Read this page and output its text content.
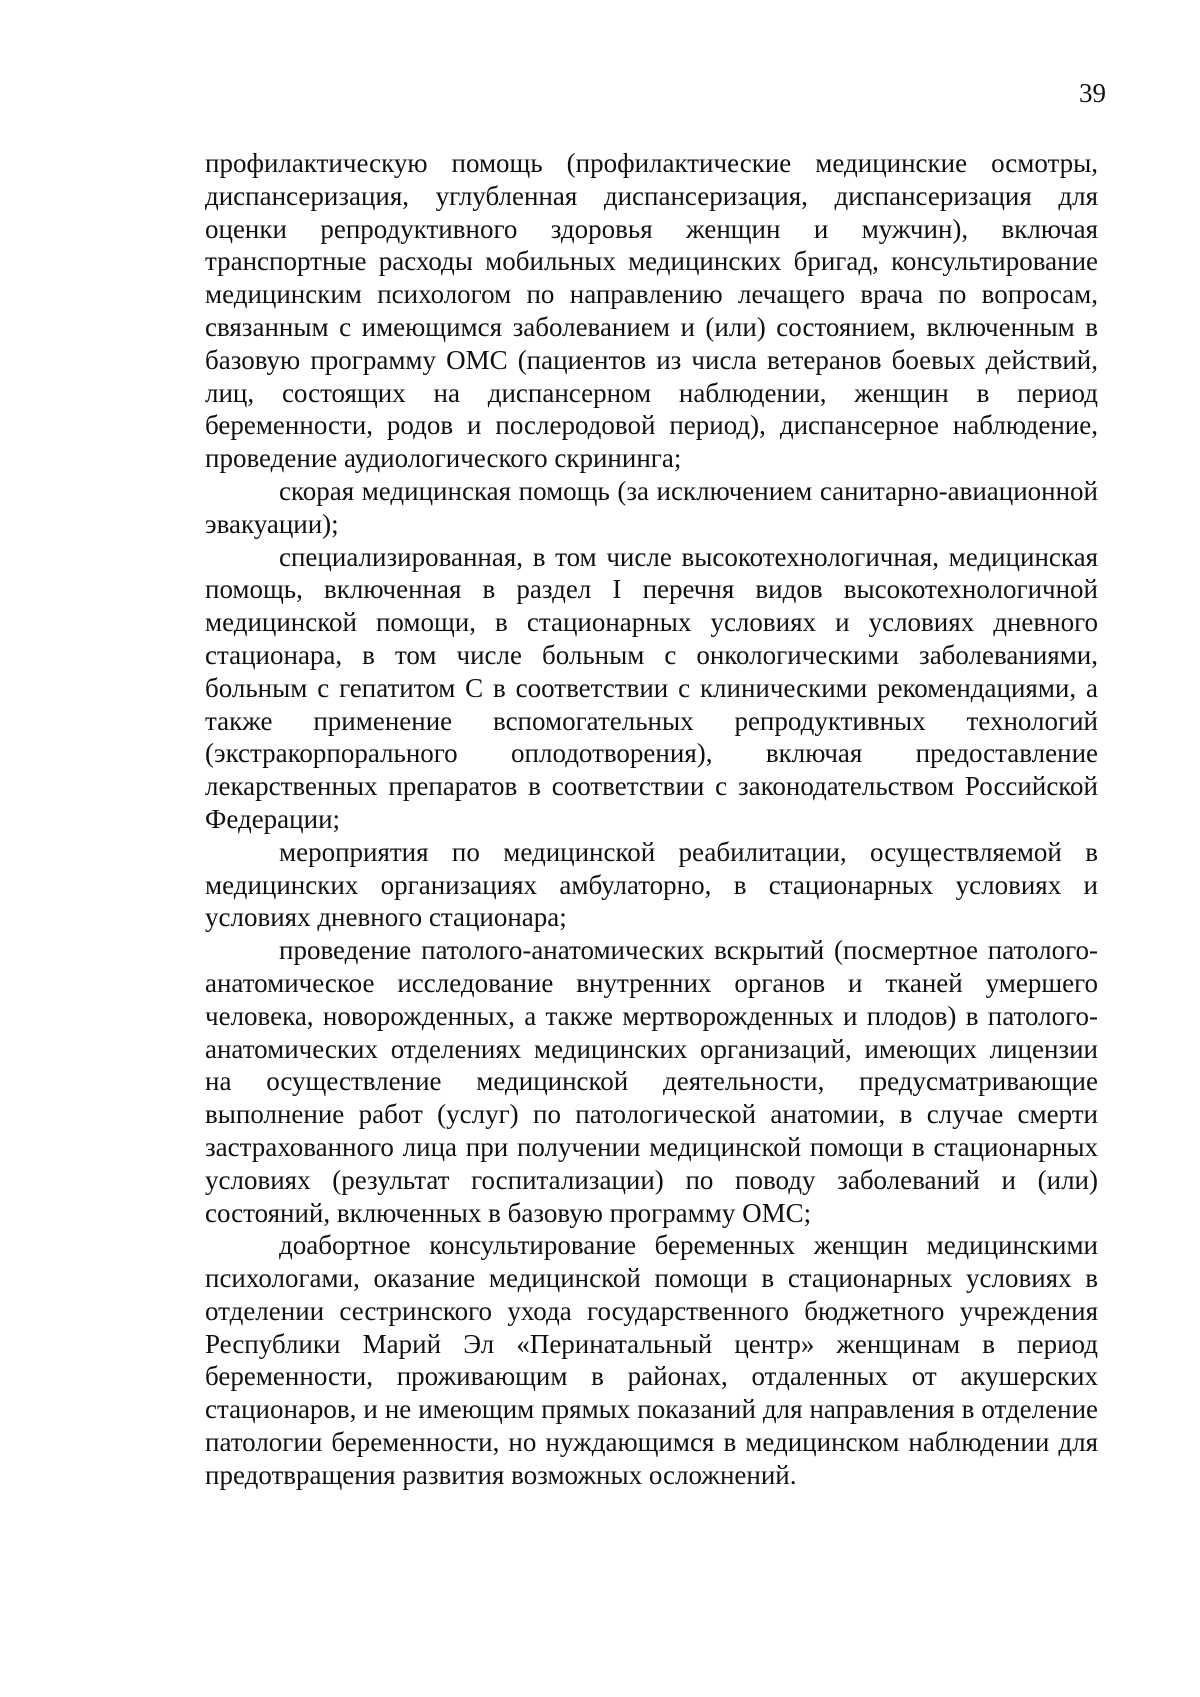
39

профилактическую помощь (профилактические медицинские осмотры, диспансеризация, углубленная диспансеризация, диспансеризация для оценки репродуктивного здоровья женщин и мужчин), включая транспортные расходы мобильных медицинских бригад, консультирование медицинским психологом по направлению лечащего врача по вопросам, связанным с имеющимся заболеванием и (или) состоянием, включенным в базовую программу ОМС (пациентов из числа ветеранов боевых действий, лиц, состоящих на диспансерном наблюдении, женщин в период беременности, родов и послеродовой период), диспансерное наблюдение, проведение аудиологического скрининга;

скорая медицинская помощь (за исключением санитарно-авиационной эвакуации);

специализированная, в том числе высокотехнологичная, медицинская помощь, включенная в раздел I перечня видов высокотехнологичной медицинской помощи, в стационарных условиях и условиях дневного стационара, в том числе больным с онкологическими заболеваниями, больным с гепатитом С в соответствии с клиническими рекомендациями, а также применение вспомогательных репродуктивных технологий (экстракорпорального оплодотворения), включая предоставление лекарственных препаратов в соответствии с законодательством Российской Федерации;

мероприятия по медицинской реабилитации, осуществляемой в медицинских организациях амбулаторно, в стационарных условиях и условиях дневного стационара;

проведение патолого-анатомических вскрытий (посмертное патолого-анатомическое исследование внутренних органов и тканей умершего человека, новорожденных, а также мертворожденных и плодов) в патолого-анатомических отделениях медицинских организаций, имеющих лицензии на осуществление медицинской деятельности, предусматривающие выполнение работ (услуг) по патологической анатомии, в случае смерти застрахованного лица при получении медицинской помощи в стационарных условиях (результат госпитализации) по поводу заболеваний и (или) состояний, включенных в базовую программу ОМС;

доабортное консультирование беременных женщин медицинскими психологами, оказание медицинской помощи в стационарных условиях в отделении сестринского ухода государственного бюджетного учреждения Республики Марий Эл «Перинатальный центр» женщинам в период беременности, проживающим в районах, отдаленных от акушерских стационаров, и не имеющим прямых показаний для направления в отделение патологии беременности, но нуждающимся в медицинском наблюдении для предотвращения развития возможных осложнений.
